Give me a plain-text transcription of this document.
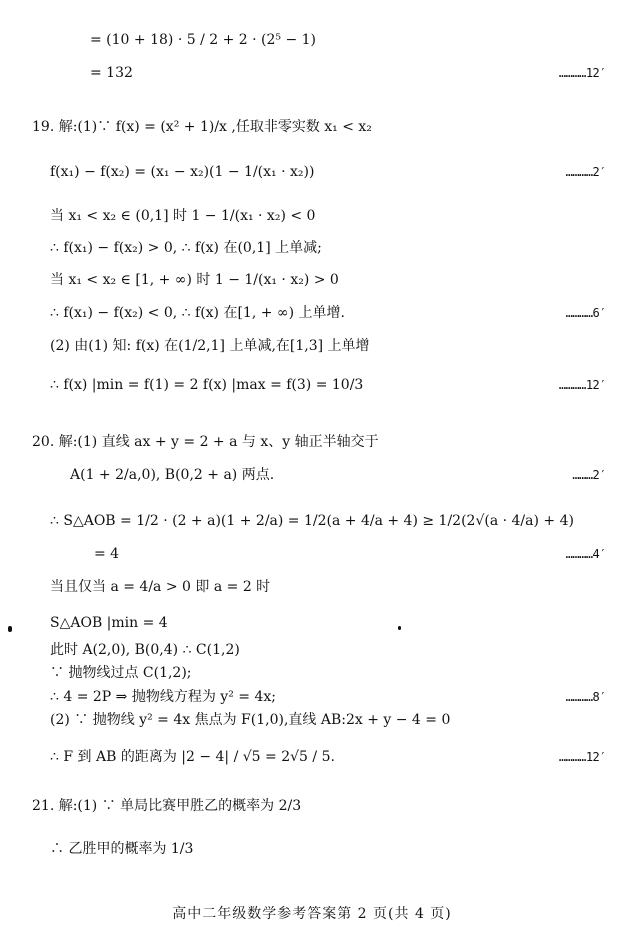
= (10 + 18) · 5 / 2 + 2 · (2⁵ − 1)
= 132	…………12′
19. 解:(1)∵ f(x) = (x² + 1)/x ,任取非零实数 x₁ < x₂
f(x₁) − f(x₂) = (x₁ − x₂)(1 − 1/(x₁ · x₂))	…………2′
当 x₁ < x₂ ∈ (0,1] 时 1 − 1/(x₁ · x₂) < 0
∴ f(x₁) − f(x₂) > 0, ∴ f(x) 在(0,1] 上单减;
当 x₁ < x₂ ∈ [1, + ∞) 时 1 − 1/(x₁ · x₂) > 0
∴ f(x₁) − f(x₂) < 0, ∴ f(x) 在[1, + ∞) 上单增.	…………6′
(2) 由(1) 知: f(x) 在(1/2,1] 上单减,在[1,3] 上单增
∴ f(x) |min = f(1) = 2 f(x) |max = f(3) = 10/3	…………12′
20. 解:(1) 直线 ax + y = 2 + a 与 x、y 轴正半轴交于
A(1 + 2/a,0), B(0,2 + a) 两点.	………2′
∴ S△AOB = 1/2 · (2 + a)(1 + 2/a) = 1/2(a + 4/a + 4) ≥ 1/2(2√(a · 4/a) + 4)
= 4	…………4′
当且仅当 a = 4/a > 0 即 a = 2 时
S△AOB |min = 4
此时 A(2,0), B(0,4) ∴ C(1,2)
∵ 抛物线过点 C(1,2);
∴ 4 = 2P ⇒ 抛物线方程为 y² = 4x;	…………8′
(2) ∵ 抛物线 y² = 4x 焦点为 F(1,0),直线 AB:2x + y − 4 = 0
∴ F 到 AB 的距离为 |2 − 4| / √5 = 2√5 / 5.	…………12′
21. 解:(1) ∵ 单局比赛甲胜乙的概率为 2/3
∴ 乙胜甲的概率为 1/3
高中二年级数学参考答案第 2 页(共 4 页)
